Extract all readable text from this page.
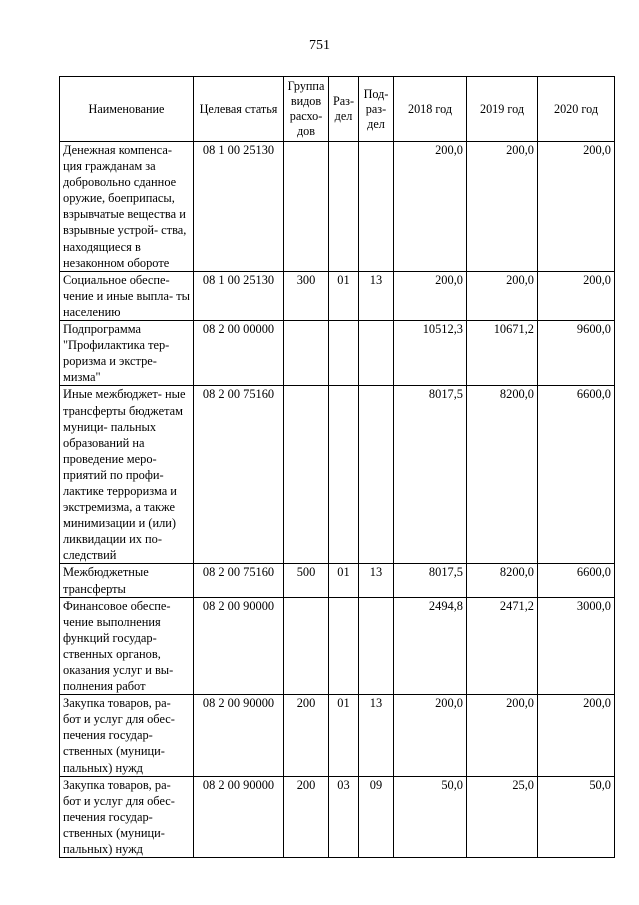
751
Наименование	Целевая статья	Группа видов расхо- дов	Раз- дел	Под- раз- дел	2018 год	2019 год	2020 год
Денежная компенса- ция гражданам за добровольно сданное оружие, боеприпасы, взрывчатые вещества и взрывные устрой- ства, находящиеся в незаконном обороте	08 1 00 25130				200,0	200,0	200,0
Социальное обеспе- чение и иные выпла- ты населению	08 1 00 25130	300	01	13	200,0	200,0	200,0
Подпрограмма "Профилактика тер- роризма и экстре- мизма"	08 2 00 00000				10512,3	10671,2	9600,0
Иные межбюджет- ные трансферты бюджетам муници- пальных образований на проведение меро- приятий по профи- лактике терроризма и экстремизма, а также минимизации и (или) ликвидации их по- следствий	08 2 00 75160				8017,5	8200,0	6600,0
Межбюджетные трансферты	08 2 00 75160	500	01	13	8017,5	8200,0	6600,0
Финансовое обеспе- чение выполнения функций государ- ственных органов, оказания услуг и вы- полнения работ	08 2 00 90000				2494,8	2471,2	3000,0
Закупка товаров, ра- бот и услуг для обес- печения государ- ственных (муници- пальных) нужд	08 2 00 90000	200	01	13	200,0	200,0	200,0
Закупка товаров, ра- бот и услуг для обес- печения государ- ственных (муници- пальных) нужд	08 2 00 90000	200	03	09	50,0	25,0	50,0
